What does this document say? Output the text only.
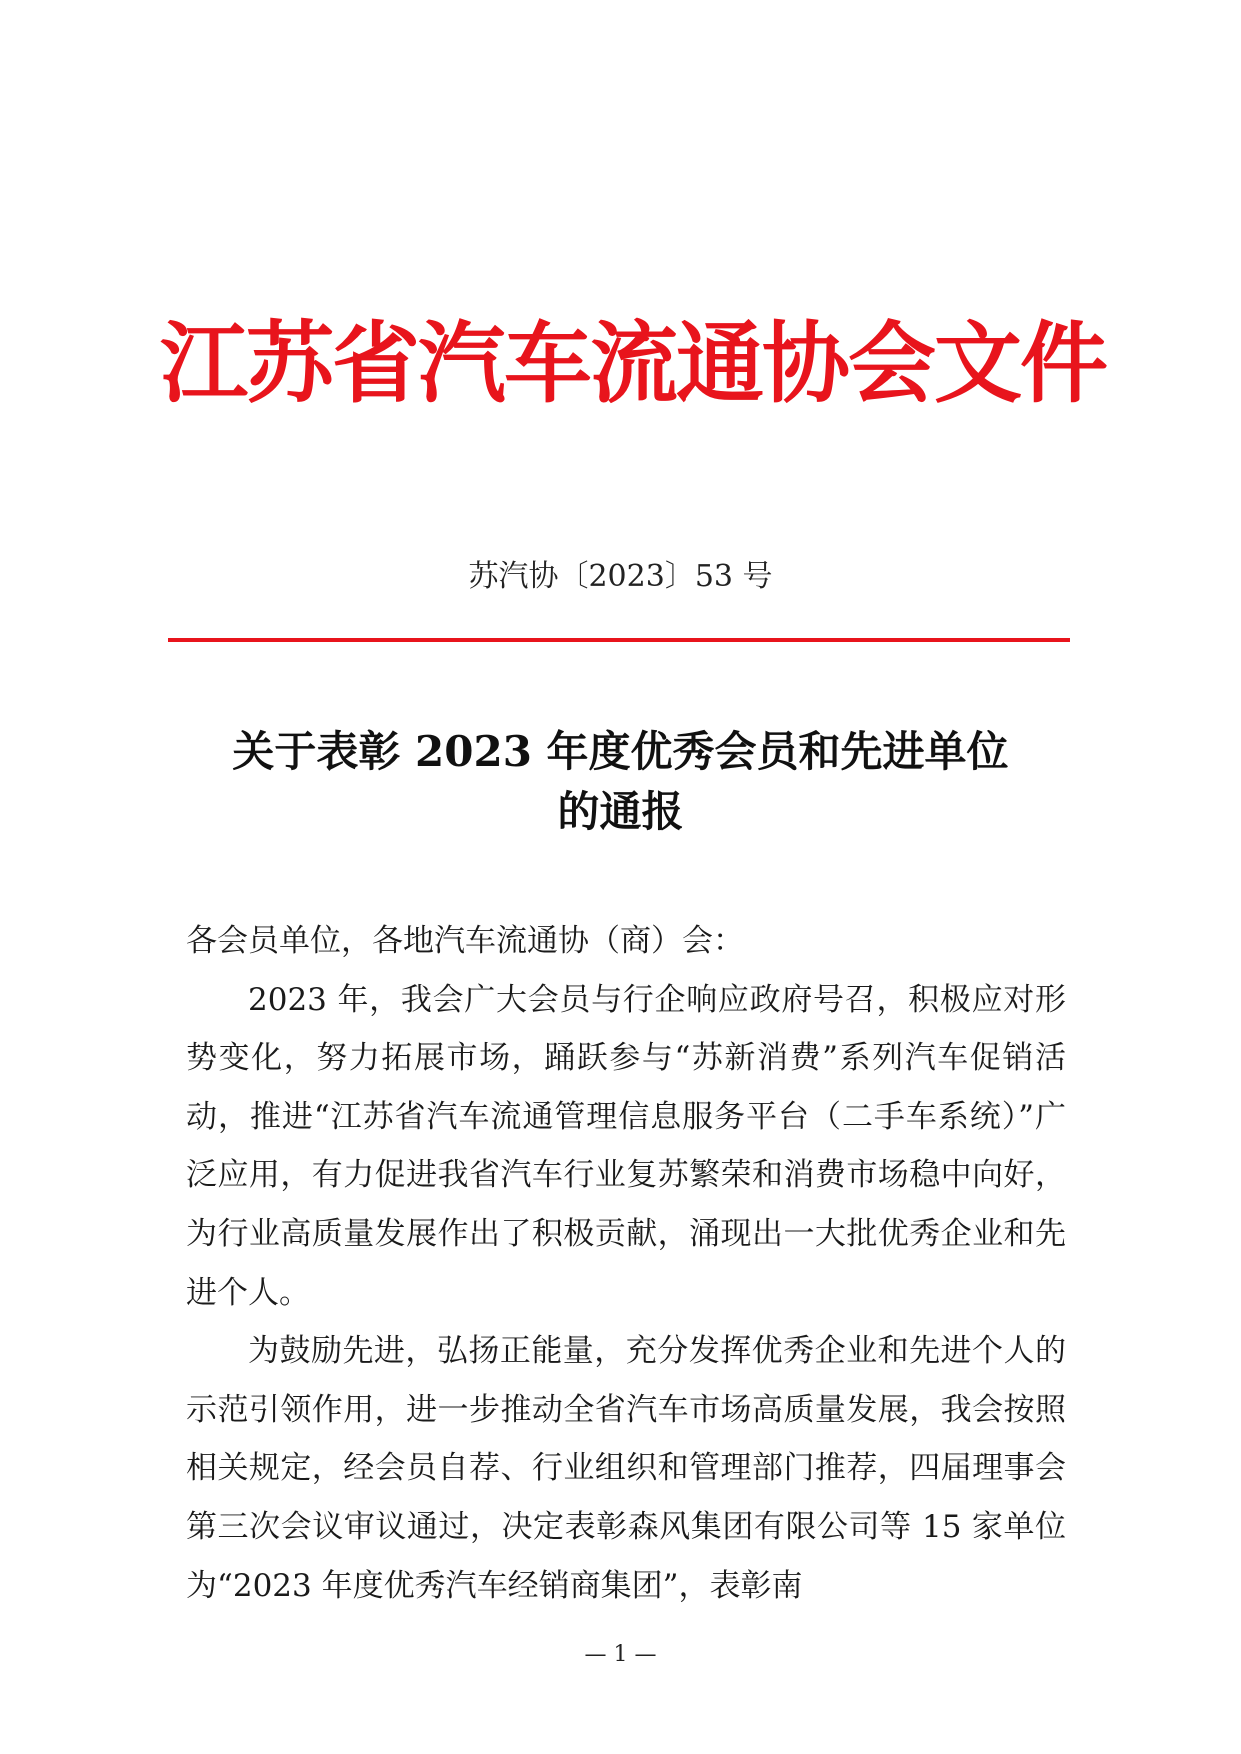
江苏省汽车流通协会文件
苏汽协〔2023〕53 号
关于表彰 2023 年度优秀会员和先进单位
的通报

各会员单位，各地汽车流通协（商）会：

2023 年，我会广大会员与行企响应政府号召，积极应对形势变化，努力拓展市场，踊跃参与“苏新消费”系列汽车促销活动，推进“江苏省汽车流通管理信息服务平台（二手车系统）”广泛应用，有力促进我省汽车行业复苏繁荣和消费市场稳中向好，为行业高质量发展作出了积极贡献，涌现出一大批优秀企业和先进个人。

为鼓励先进，弘扬正能量，充分发挥优秀企业和先进个人的示范引领作用，进一步推动全省汽车市场高质量发展，我会按照相关规定，经会员自荐、行业组织和管理部门推荐，四届理事会第三次会议审议通过，决定表彰森风集团有限公司等 15 家单位为“2023 年度优秀汽车经销商集团”，表彰南

— 1 —
